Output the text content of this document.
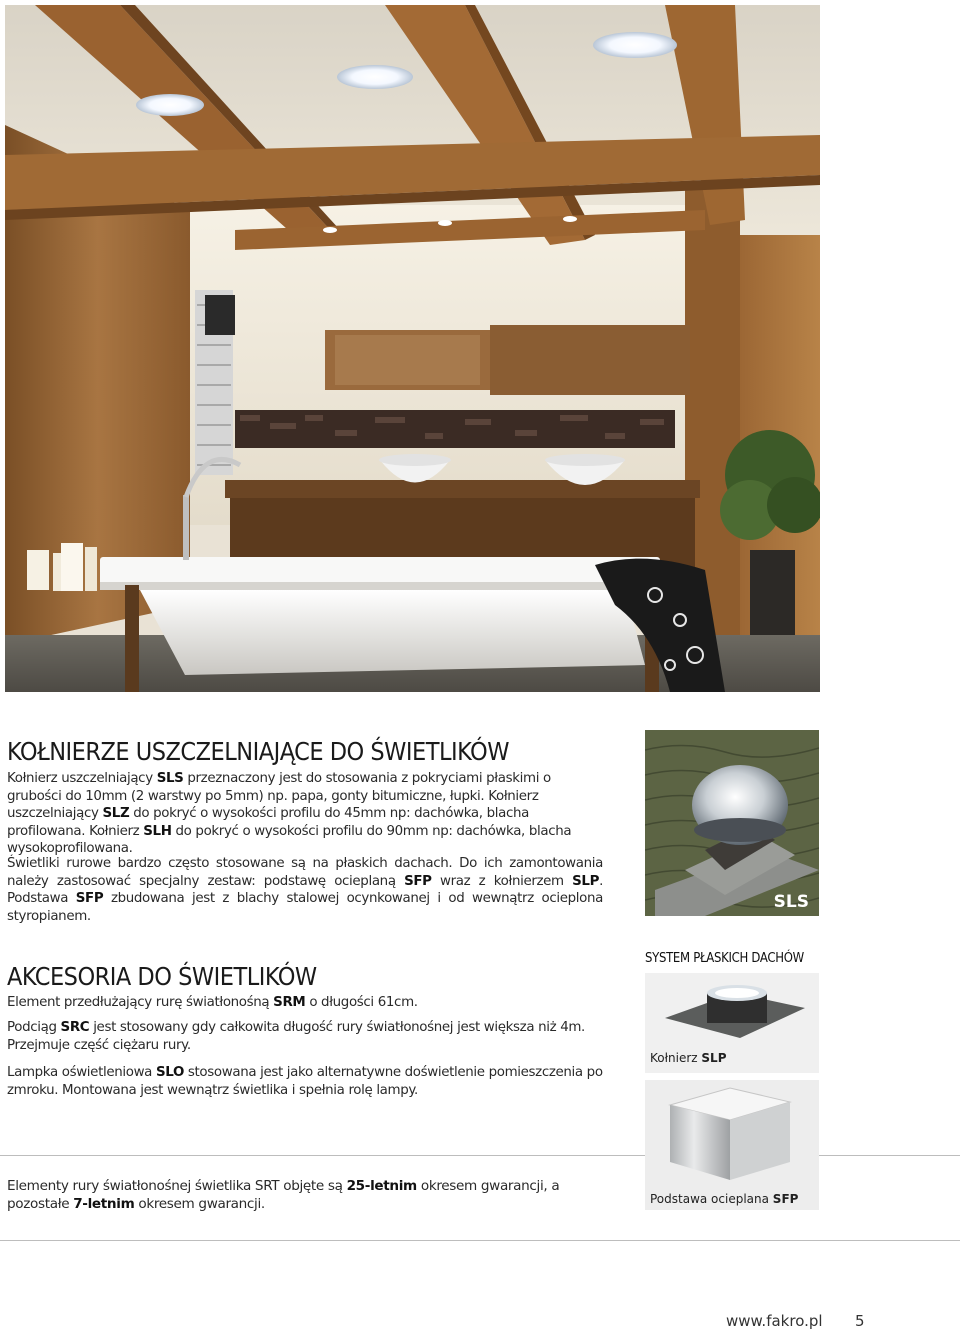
KOŁNIERZE USZCZELNIAJĄCE DO ŚWIETLIKÓW

Kołnierz uszczelniający SLS przeznaczony jest do stosowania z pokryciami płaskimi o grubości do 10mm (2 warstwy po 5mm) np. papa, gonty bitumiczne, łupki. Kołnierz uszczelniający SLZ do pokryć o wysokości profilu do 45mm np: dachówka, blacha profilowana. Kołnierz SLH do pokryć o wysokości profilu do 90mm np: dachówka, blacha wysokoprofilowana.

Świetliki rurowe bardzo często stosowane są na płaskich dachach. Do ich zamontowania należy zastosować specjalny zestaw: podstawę ocieplaną SFP wraz z kołnierzem SLP. Podstawa SFP zbudowana jest z blachy stalowej ocynkowanej i od wewnątrz ocieplona styropianem.

AKCESORIA DO ŚWIETLIKÓW

Element przedłużający rurę światłonośną SRM o długości 61cm.

Podciąg SRC jest stosowany gdy całkowita długość rury światłonośnej jest większa niż 4m. Przejmuje część ciężaru rury.

Lampka oświetleniowa SLO stosowana jest jako alternatywne doświetlenie pomieszczenia po zmroku. Montowana jest wewnątrz świetlika i spełnia rolę lampy.

Elementy rury światłonośnej świetlika SRT objęte są 25-letnim okresem gwarancji, a pozostałe 7-letnim okresem gwarancji.

SLS
SYSTEM PŁASKICH DACHÓW
Kołnierz SLP
Podstawa ocieplana SFP
www.fakro.pl 5
